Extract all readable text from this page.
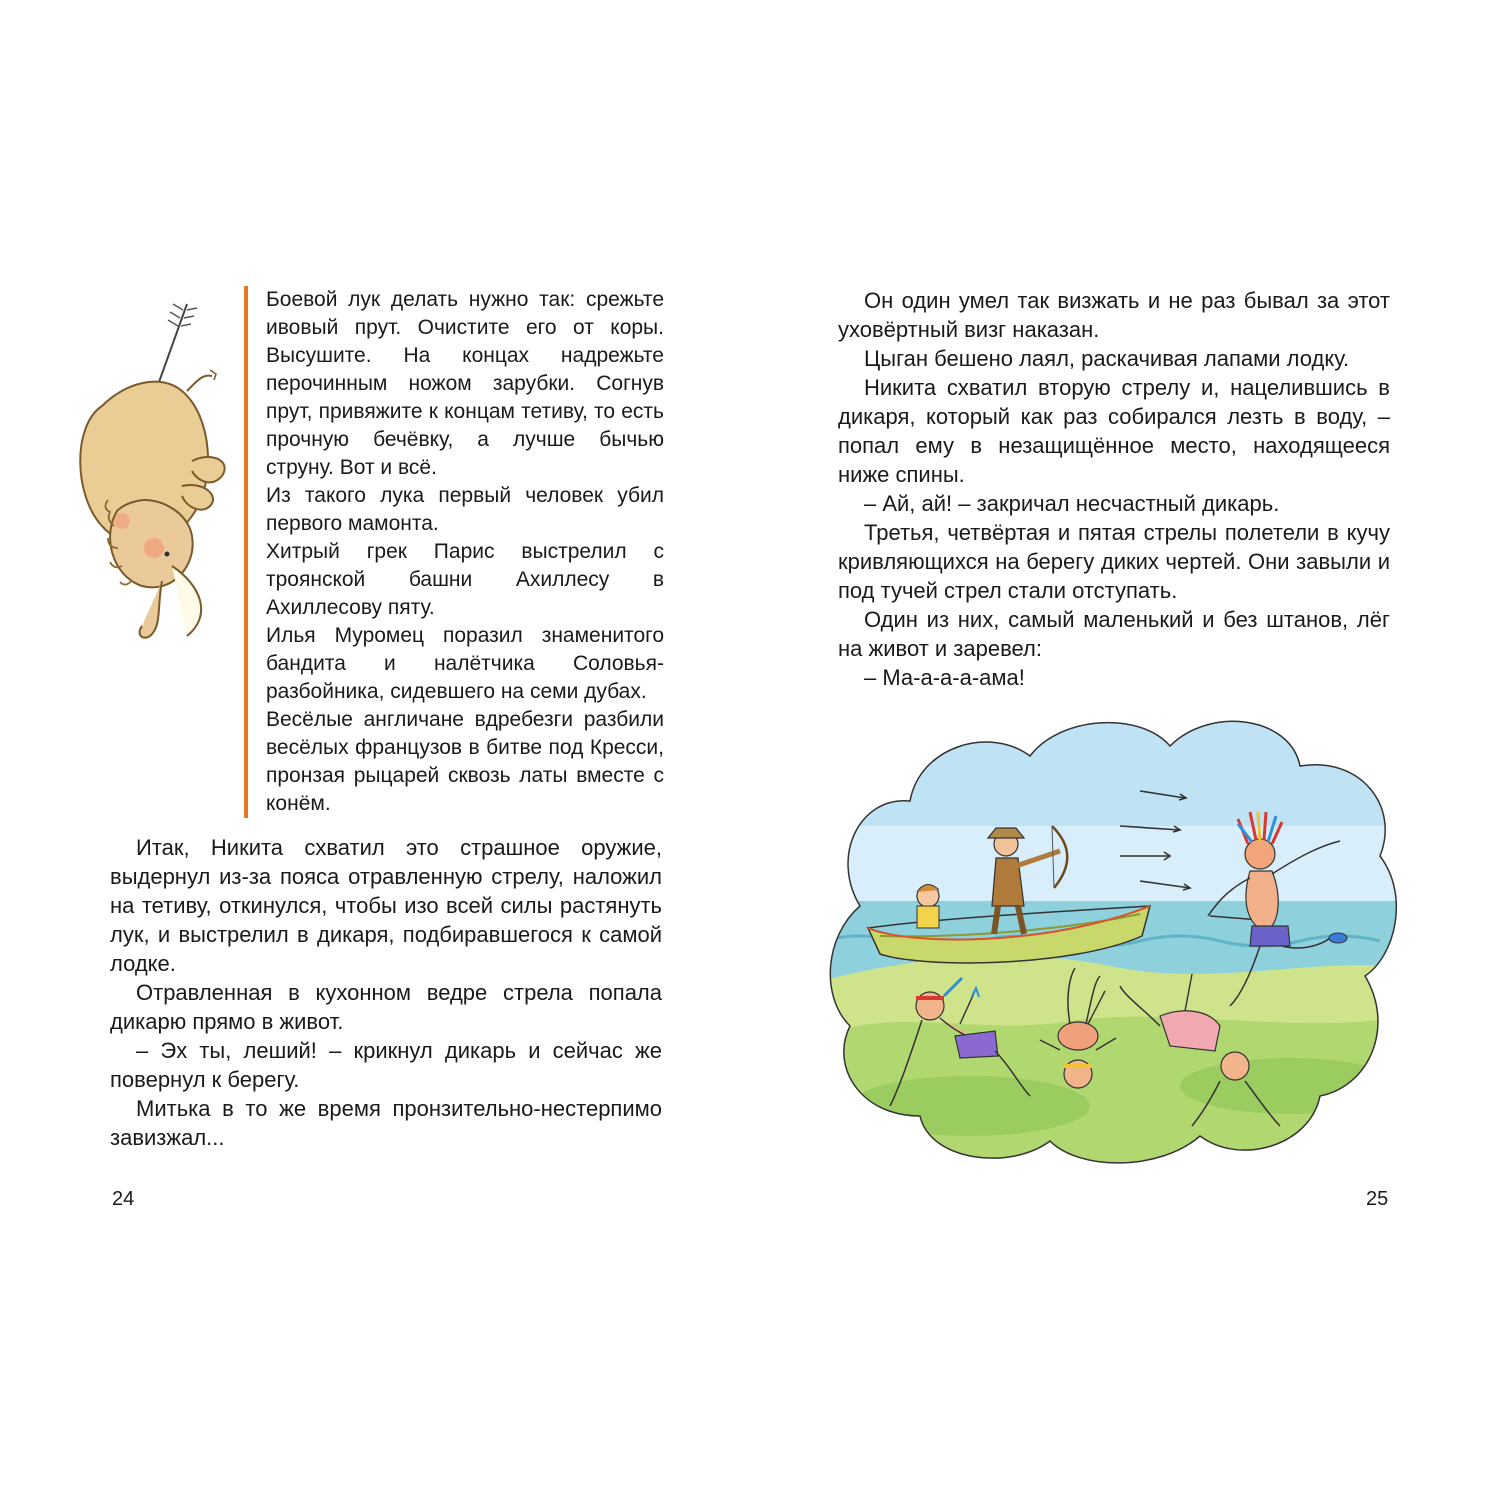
Боевой лук делать нужно так: срежьте ивовый прут. Очистите его от коры. Высушите. На концах надрежьте перочинным ножом зарубки. Согнув прут, привяжите к концам тетиву, то есть прочную бечёвку, а лучше бычью струну. Вот и всё.

Из такого лука первый человек убил первого мамонта.

Хитрый грек Парис выстрелил с троянской башни Ахиллесу в Ахиллесову пяту.

Илья Муромец поразил знаменитого бандита и налётчика Соловья-разбойника, сидевшего на семи дубах.

Весёлые англичане вдребезги разбили весёлых французов в битве под Кресси, пронзая рыцарей сквозь латы вместе с конём.

Итак, Никита схватил это страшное оружие, выдернул из-за пояса отравленную стрелу, наложил на тетиву, откинулся, чтобы изо всей силы растянуть лук, и выстрелил в дикаря, подбиравшегося к самой лодке.

Отравленная в кухонном ведре стрела попала дикарю прямо в живот.

– Эх ты, леший! – крикнул дикарь и сейчас же повернул к берегу.

Митька в то же время пронзительно-нестерпимо завизжал...

24	25

Он один умел так визжать и не раз бывал за этот уховёртный визг наказан.

Цыган бешено лаял, раскачивая лапами лодку.

Никита схватил вторую стрелу и, нацелившись в дикаря, который как раз собирался лезть в воду, – попал ему в незащищённое место, находящееся ниже спины.

– Ай, ай! – закричал несчастный дикарь.

Третья, четвёртая и пятая стрелы полетели в кучу кривляющихся на берегу диких чертей. Они завыли и под тучей стрел стали отступать.

Один из них, самый маленький и без штанов, лёг на живот и заревел:

– Ма-а-а-а-ама!
